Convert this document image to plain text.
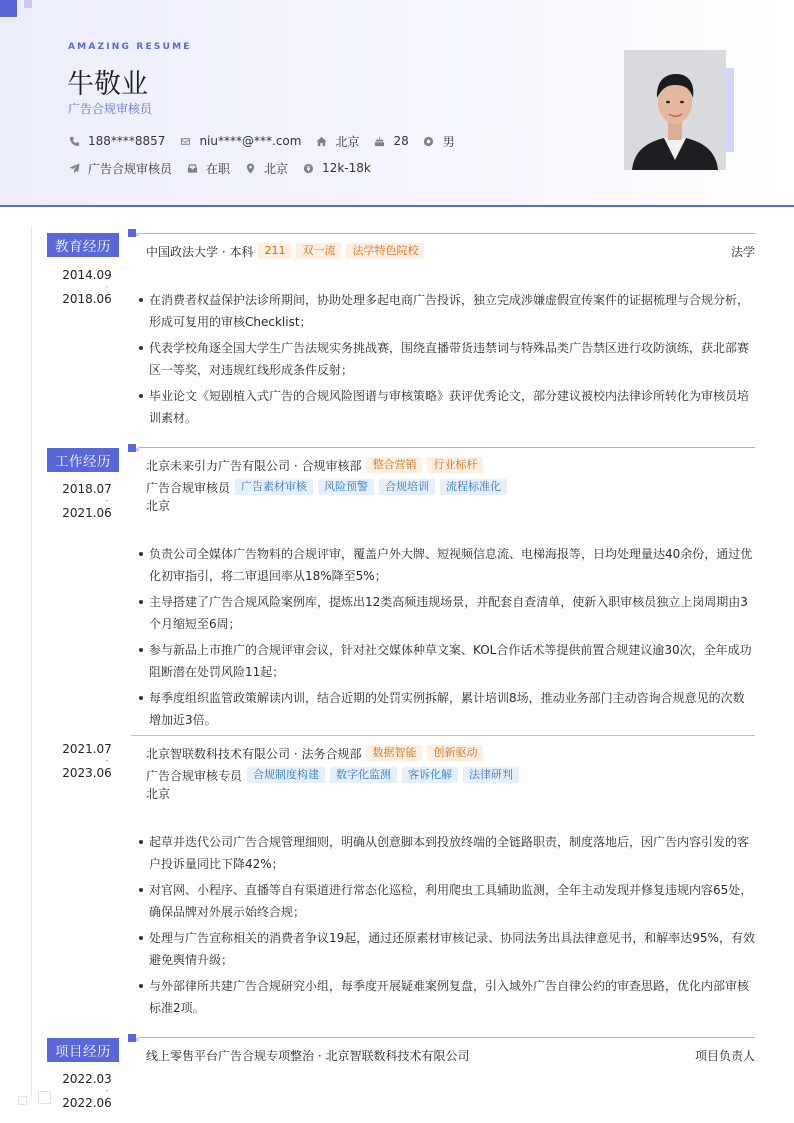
AMAZING RESUME
牛敬业
广告合规审核员
188****8857	niu****@***.com	北京	28	男
广告合规审核员	在职	北京	12k-18k
教育经历
2014.09
-
2018.06
中国政法大学 · 本科	211	双一流	法学特色院校	法学
在消费者权益保护法诊所期间，协助处理多起电商广告投诉，独立完成涉嫌虚假宣传案件的证据梳理与合规分析，形成可复用的审核Checklist；
代表学校角逐全国大学生广告法规实务挑战赛，围绕直播带货违禁词与特殊品类广告禁区进行攻防演练，获北部赛区一等奖，对违规红线形成条件反射；
毕业论文《短剧植入式广告的合规风险图谱与审核策略》获评优秀论文，部分建议被校内法律诊所转化为审核员培训素材。
工作经历
2018.07
-
2021.06
北京未来引力广告有限公司 · 合规审核部	整合营销	行业标杆
广告合规审核员	广告素材审核	风险预警	合规培训	流程标准化
北京
负责公司全媒体广告物料的合规评审，覆盖户外大牌、短视频信息流、电梯海报等，日均处理量达40余份，通过优化初审指引，将二审退回率从18%降至5%；
主导搭建了广告合规风险案例库，提炼出12类高频违规场景，并配套自查清单，使新入职审核员独立上岗周期由3个月缩短至6周；
参与新品上市推广的合规评审会议，针对社交媒体种草文案、KOL合作话术等提供前置合规建议逾30次，全年成功阻断潜在处罚风险11起；
每季度组织监管政策解读内训，结合近期的处罚实例拆解，累计培训8场，推动业务部门主动咨询合规意见的次数增加近3倍。
2021.07
-
2023.06
北京智联数科技术有限公司 · 法务合规部	数据智能	创新驱动
广告合规审核专员	合规制度构建	数字化监测	客诉化解	法律研判
北京
起草并迭代公司广告合规管理细则，明确从创意脚本到投放终端的全链路职责，制度落地后，因广告内容引发的客户投诉量同比下降42%；
对官网、小程序、直播等自有渠道进行常态化巡检，利用爬虫工具辅助监测，全年主动发现并修复违规内容65处，确保品牌对外展示始终合规；
处理与广告宣称相关的消费者争议19起，通过还原素材审核记录、协同法务出具法律意见书，和解率达95%，有效避免舆情升级；
与外部律所共建广告合规研究小组，每季度开展疑难案例复盘，引入域外广告自律公约的审查思路，优化内部审核标准2项。
项目经历
2022.03
-
2022.06
线上零售平台广告合规专项整治 · 北京智联数科技术有限公司	项目负责人
